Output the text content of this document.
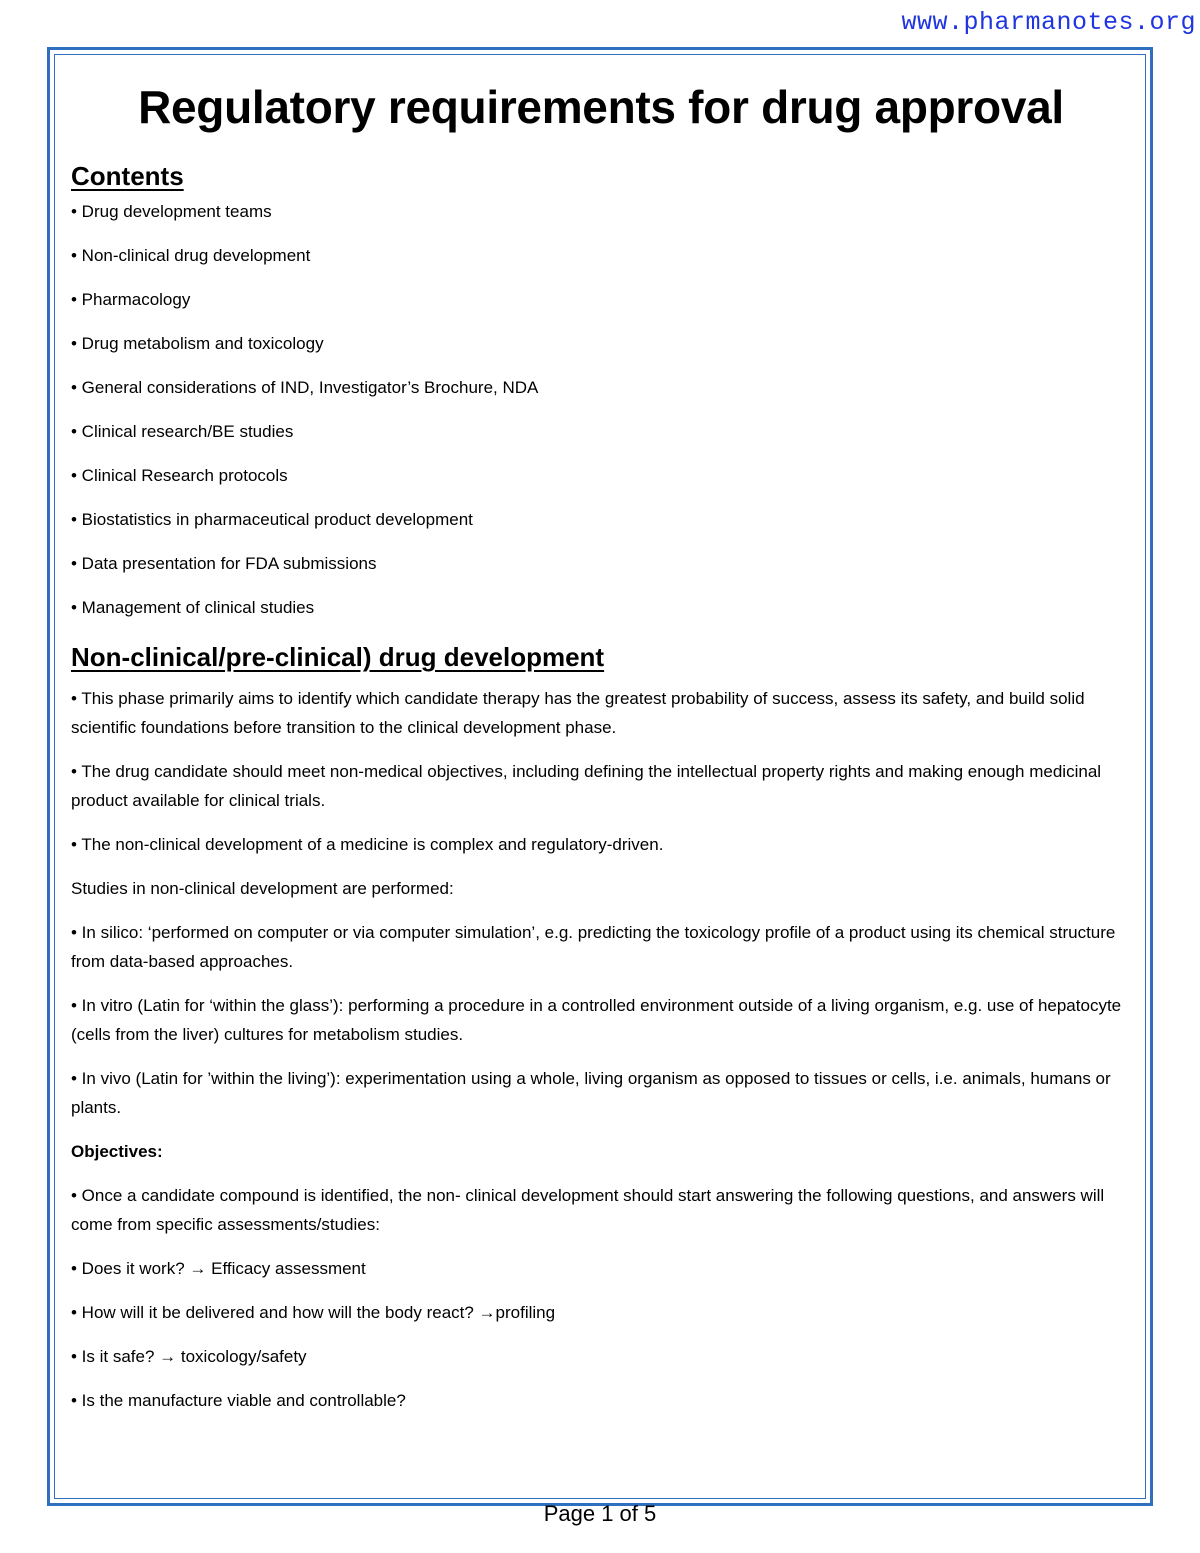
www.pharmanotes.org
Regulatory requirements for drug approval
Contents
• Drug development teams
• Non-clinical drug development
• Pharmacology
• Drug metabolism and toxicology
• General considerations of IND, Investigator’s Brochure, NDA
• Clinical research/BE studies
• Clinical Research protocols
• Biostatistics in pharmaceutical product development
• Data presentation for FDA submissions
• Management of clinical studies
Non-clinical/pre-clinical) drug development

• This phase primarily aims to identify which candidate therapy has the greatest probability of success, assess its safety, and build solid scientific foundations before transition to the clinical development phase.

• The drug candidate should meet non-medical objectives, including defining the intellectual property rights and making enough medicinal product available for clinical trials.

• The non-clinical development of a medicine is complex and regulatory-driven.

Studies in non-clinical development are performed:

• In silico: ‘performed on computer or via computer simulation’, e.g. predicting the toxicology profile of a product using its chemical structure from data-based approaches.

• In vitro (Latin for ‘within the glass’): performing a procedure in a controlled environment outside of a living organism, e.g. use of hepatocyte (cells from the liver) cultures for metabolism studies.

• In vivo (Latin for ’within the living’): experimentation using a whole, living organism as opposed to tissues or cells, i.e. animals, humans or plants.

Objectives:

• Once a candidate compound is identified, the non- clinical development should start answering the following questions, and answers will come from specific assessments/studies:

• Does it work? → Efficacy assessment

• How will it be delivered and how will the body react? →profiling

• Is it safe? → toxicology/safety

• Is the manufacture viable and controllable?

Page 1 of 5
